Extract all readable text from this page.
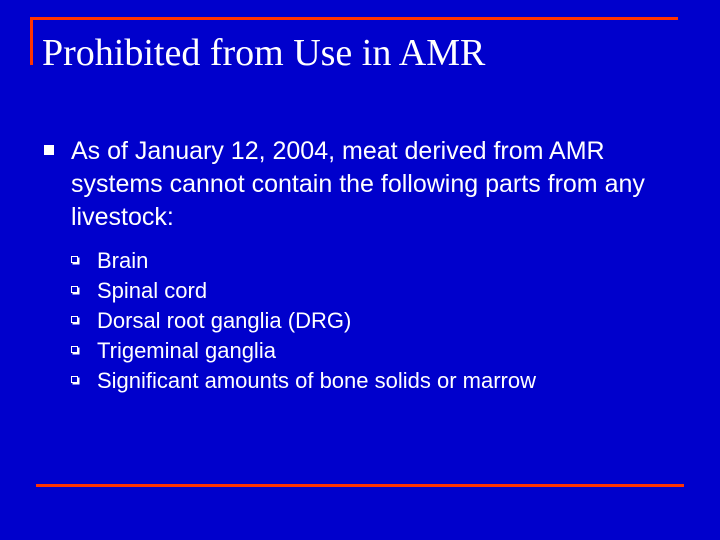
Prohibited from Use in AMR
As of January 12, 2004, meat derived from AMR systems cannot contain the following parts from any livestock:
Brain
Spinal cord
Dorsal root ganglia (DRG)
Trigeminal ganglia
Significant amounts of bone solids or marrow
